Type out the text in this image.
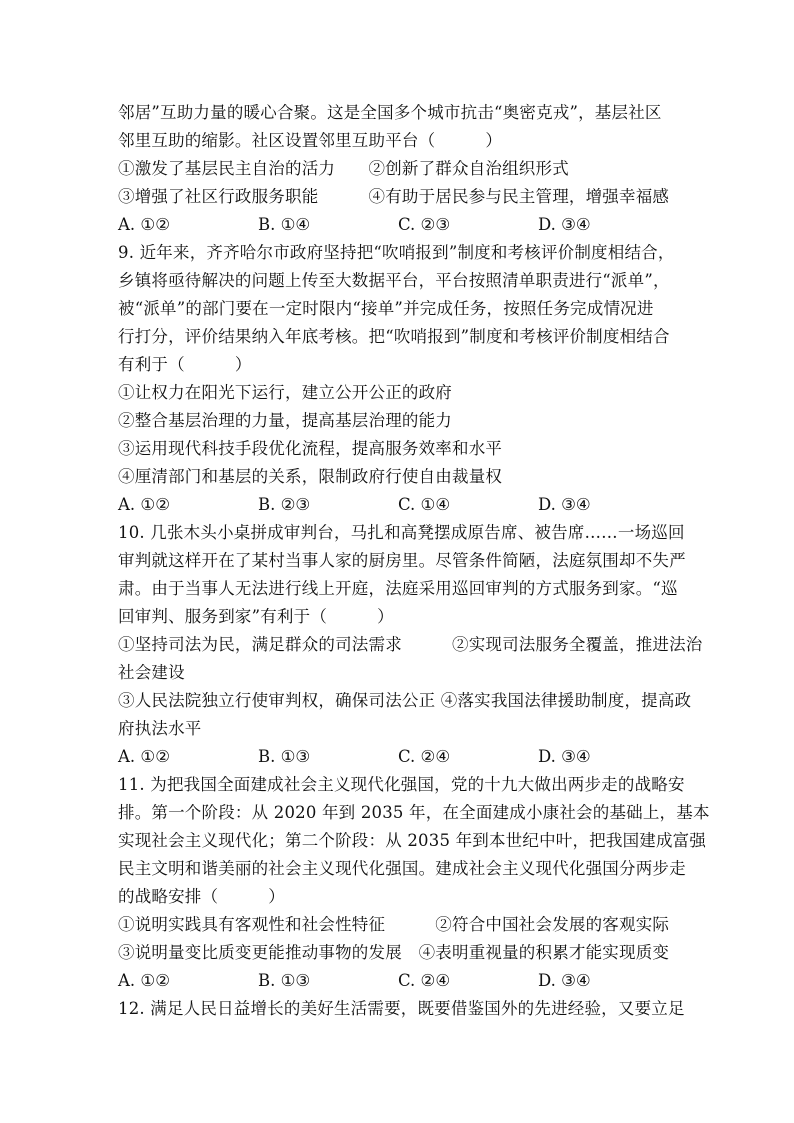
邻居”互助力量的暖心合聚。这是全国多个城市抗击“奥密克戎”，基层社区
邻里互助的缩影。社区设置邻里互助平台（　　　）
①激发了基层民主自治的活力　　②创新了群众自治组织形式
③增强了社区行政服务职能　　　④有助于居民参与民主管理，增强幸福感
A. ①②	B. ①④	C. ②③	D. ③④
9. 近年来，齐齐哈尔市政府坚持把“吹哨报到”制度和考核评价制度相结合，
乡镇将亟待解决的问题上传至大数据平台，平台按照清单职责进行“派单”，
被“派单”的部门要在一定时限内“接单”并完成任务，按照任务完成情况进
行打分，评价结果纳入年底考核。把“吹哨报到”制度和考核评价制度相结合
有利于（　　　）
①让权力在阳光下运行，建立公开公正的政府
②整合基层治理的力量，提高基层治理的能力
③运用现代科技手段优化流程，提高服务效率和水平
④厘清部门和基层的关系，限制政府行使自由裁量权
A. ①②	B. ②③	C. ①④	D. ③④
10. 几张木头小桌拼成审判台，马扎和高凳摆成原告席、被告席……一场巡回
审判就这样开在了某村当事人家的厨房里。尽管条件简陋，法庭氛围却不失严
肃。由于当事人无法进行线上开庭，法庭采用巡回审判的方式服务到家。“巡
回审判、服务到家”有利于（　　　）
①坚持司法为民，满足群众的司法需求　　　②实现司法服务全覆盖，推进法治
社会建设
③人民法院独立行使审判权，确保司法公正 ④落实我国法律援助制度，提高政
府执法水平
A. ①②	B. ①③	C. ②④	D. ③④
11. 为把我国全面建成社会主义现代化强国，党的十九大做出两步走的战略安
排。第一个阶段：从 2020 年到 2035 年，在全面建成小康社会的基础上，基本
实现社会主义现代化；第二个阶段：从 2035 年到本世纪中叶，把我国建成富强
民主文明和谐美丽的社会主义现代化强国。建成社会主义现代化强国分两步走
的战略安排（　　　）
①说明实践具有客观性和社会性特征　　　②符合中国社会发展的客观实际
③说明量变比质变更能推动事物的发展　④表明重视量的积累才能实现质变
A. ①②	B. ①③	C. ②④	D. ③④
12. 满足人民日益增长的美好生活需要，既要借鉴国外的先进经验，又要立足
